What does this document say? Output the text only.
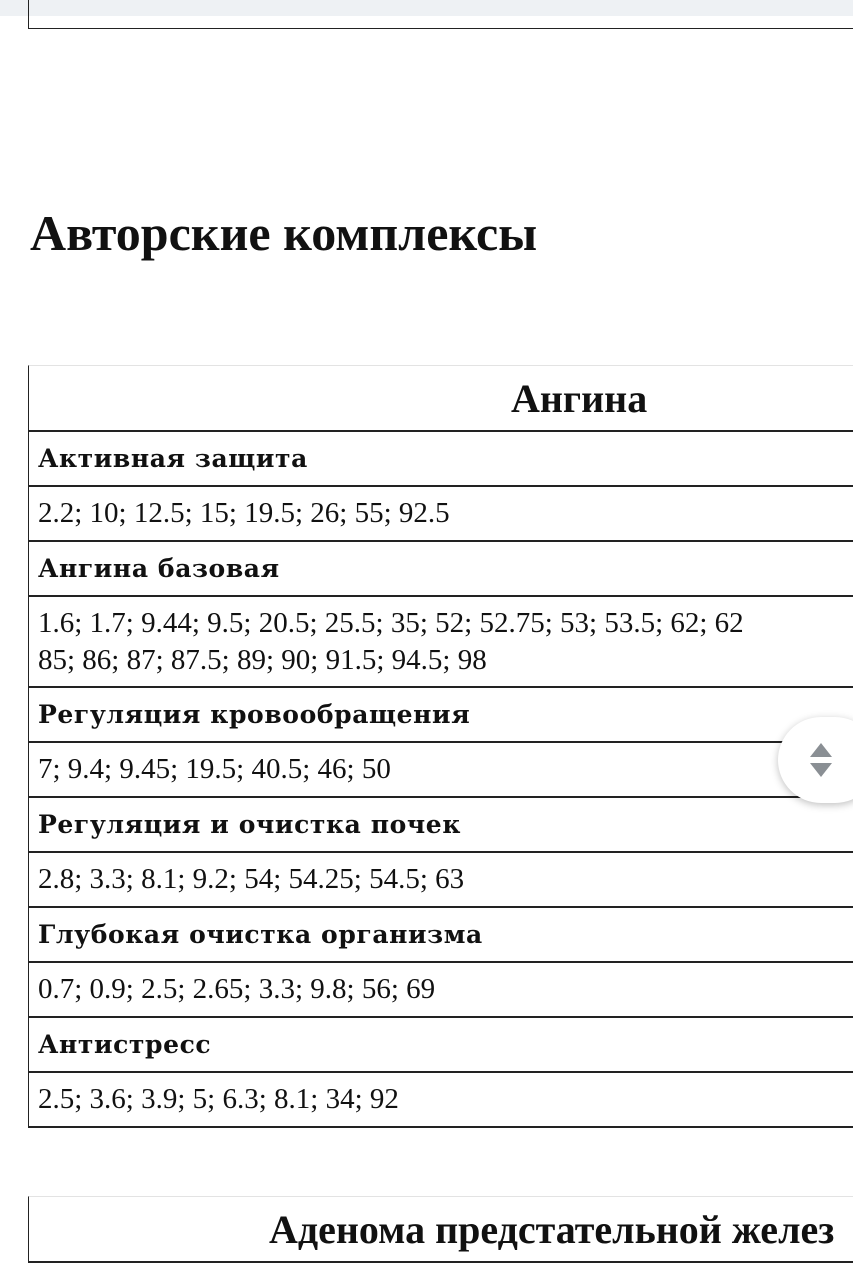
Авторские комплексы
Ангина
Активная защита
2.2; 10; 12.5; 15; 19.5; 26; 55; 92.5
Ангина базовая
1.6; 1.7; 9.44; 9.5; 20.5; 25.5; 35; 52; 52.75; 53; 53.5; 62; 62
85; 86; 87; 87.5; 89; 90; 91.5; 94.5; 98
Регуляция кровообращения
7; 9.4; 9.45; 19.5; 40.5; 46; 50
Регуляция и очистка почек
2.8; 3.3; 8.1; 9.2; 54; 54.25; 54.5; 63
Глубокая очистка организма
0.7; 0.9; 2.5; 2.65; 3.3; 9.8; 56; 69
Антистресс
2.5; 3.6; 3.9; 5; 6.3; 8.1; 34; 92
Аденома предстательной желез
